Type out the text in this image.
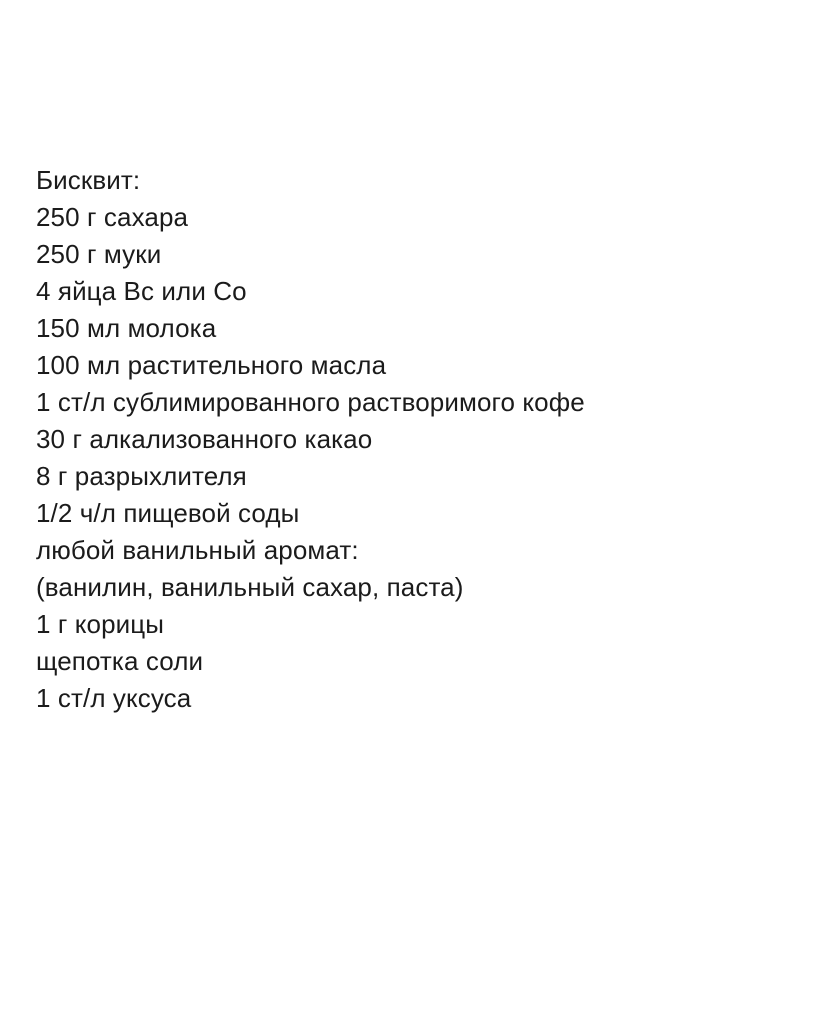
Бисквит:
250 г сахара
250 г муки
4 яйца Вс или Со
150 мл молока
100 мл растительного масла
1 ст/л сублимированного растворимого кофе
30 г алкализованного какао
8 г разрыхлителя
1/2 ч/л пищевой соды
любой ванильный аромат:
(ванилин, ванильный сахар, паста)
1 г корицы
щепотка соли
1 ст/л уксуса
